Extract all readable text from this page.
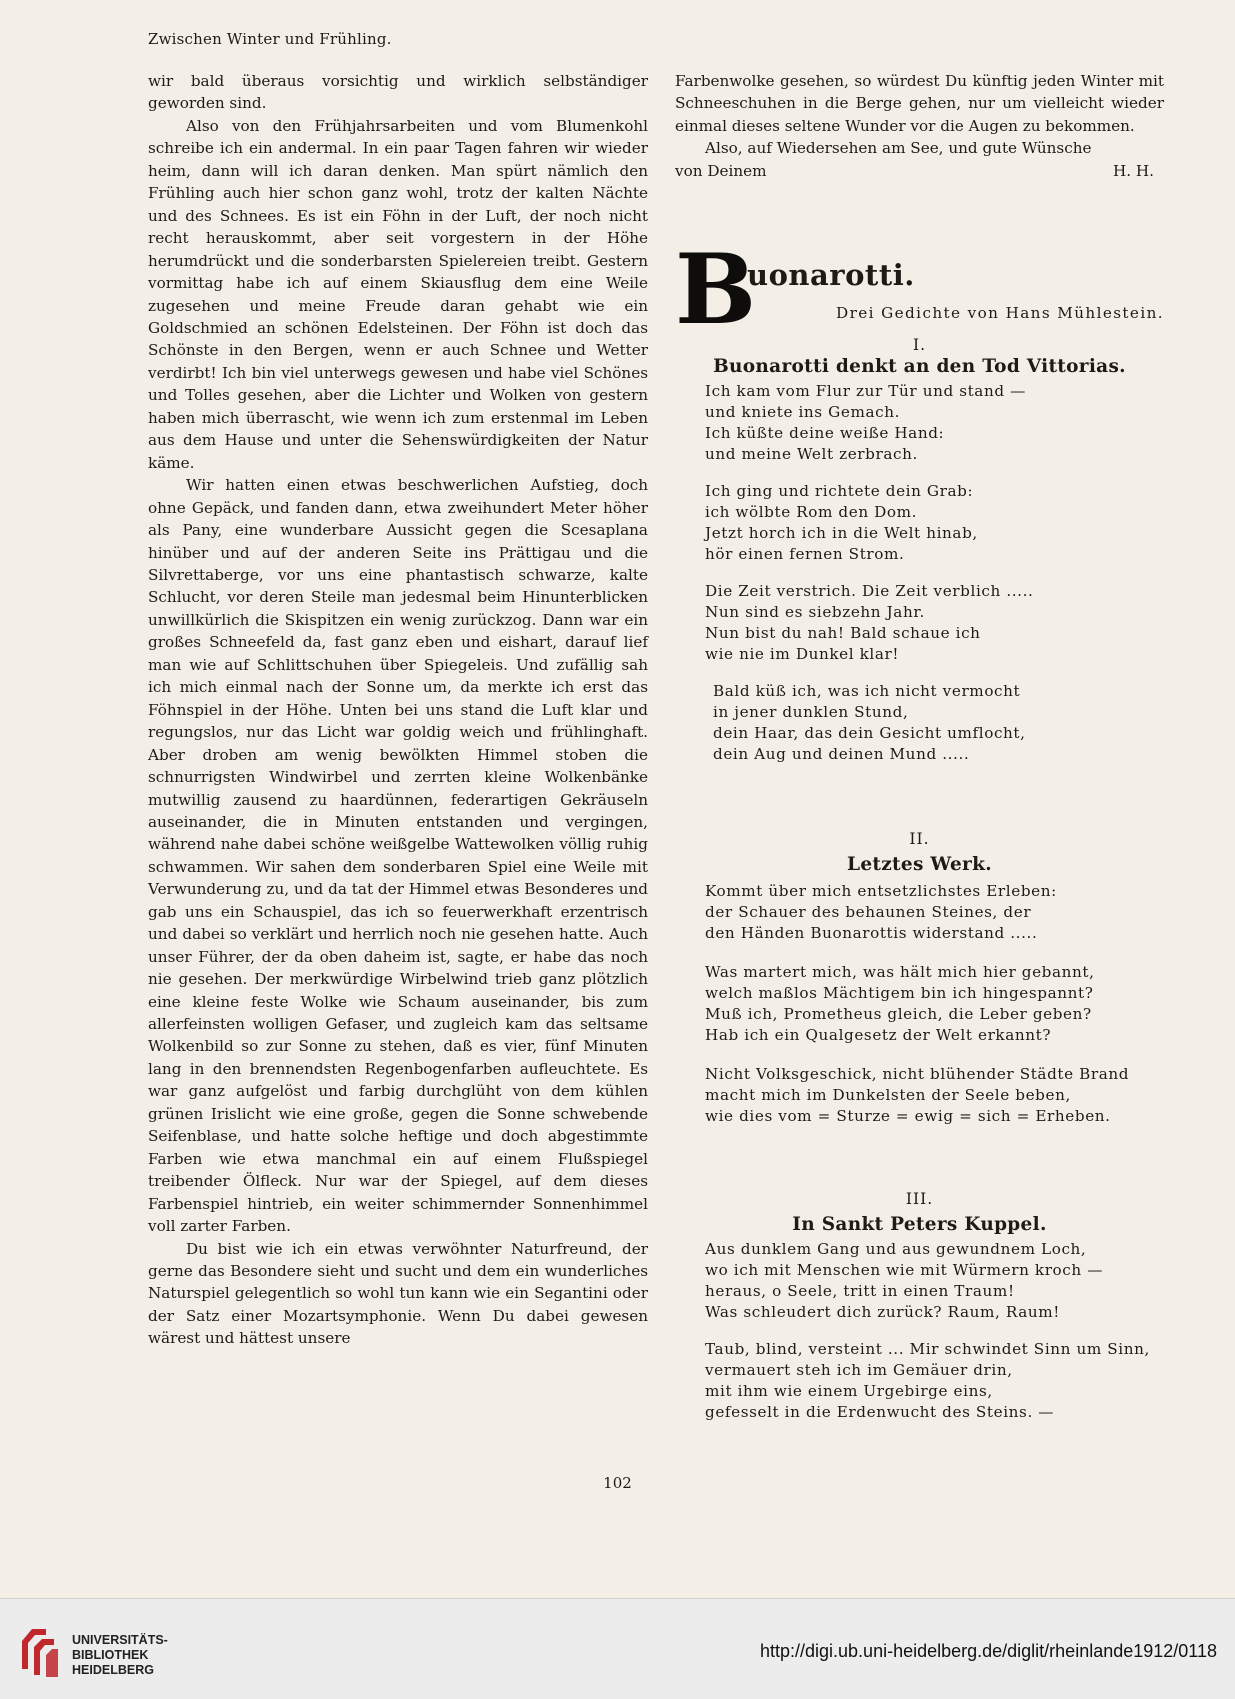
Zwischen Winter und Frühling.

wir bald überaus vorsichtig und wirklich selbständiger geworden sind.

Also von den Frühjahrsarbeiten und vom Blumenkohl schreibe ich ein andermal. In ein paar Tagen fahren wir wieder heim, dann will ich daran denken. Man spürt nämlich den Frühling auch hier schon ganz wohl, trotz der kalten Nächte und des Schnees. Es ist ein Föhn in der Luft, der noch nicht recht herauskommt, aber seit vorgestern in der Höhe herumdrückt und die sonderbarsten Spielereien treibt. Gestern vormittag habe ich auf einem Skiausflug dem eine Weile zugesehen und meine Freude daran gehabt wie ein Goldschmied an schönen Edelsteinen. Der Föhn ist doch das Schönste in den Bergen, wenn er auch Schnee und Wetter verdirbt! Ich bin viel unterwegs gewesen und habe viel Schönes und Tolles gesehen, aber die Lichter und Wolken von gestern haben mich überrascht, wie wenn ich zum erstenmal im Leben aus dem Hause und unter die Sehenswürdigkeiten der Natur käme.

Wir hatten einen etwas beschwerlichen Aufstieg, doch ohne Gepäck, und fanden dann, etwa zweihundert Meter höher als Pany, eine wunderbare Aussicht gegen die Scesaplana hinüber und auf der anderen Seite ins Prättigau und die Silvrettaberge, vor uns eine phantastisch schwarze, kalte Schlucht, vor deren Steile man jedesmal beim Hinunterblicken unwillkürlich die Skispitzen ein wenig zurückzog. Dann war ein großes Schneefeld da, fast ganz eben und eishart, darauf lief man wie auf Schlittschuhen über Spiegeleis. Und zufällig sah ich mich einmal nach der Sonne um, da merkte ich erst das Föhnspiel in der Höhe. Unten bei uns stand die Luft klar und regungslos, nur das Licht war goldig weich und frühlinghaft. Aber droben am wenig bewölkten Himmel stoben die schnurrigsten Windwirbel und zerrten kleine Wolkenbänke mutwillig zausend zu haardünnen, federartigen Gekräuseln auseinander, die in Minuten entstanden und vergingen, während nahe dabei schöne weißgelbe Wattewolken völlig ruhig schwammen. Wir sahen dem sonderbaren Spiel eine Weile mit Verwunderung zu, und da tat der Himmel etwas Besonderes und gab uns ein Schauspiel, das ich so feuerwerkhaft erzentrisch und dabei so verklärt und herrlich noch nie gesehen hatte. Auch unser Führer, der da oben daheim ist, sagte, er habe das noch nie gesehen. Der merkwürdige Wirbelwind trieb ganz plötzlich eine kleine feste Wolke wie Schaum auseinander, bis zum allerfeinsten wolligen Gefaser, und zugleich kam das seltsame Wolkenbild so zur Sonne zu stehen, daß es vier, fünf Minuten lang in den brennendsten Regenbogenfarben aufleuchtete. Es war ganz aufgelöst und farbig durchglüht von dem kühlen grünen Irislicht wie eine große, gegen die Sonne schwebende Seifenblase, und hatte solche heftige und doch abgestimmte Farben wie etwa manchmal ein auf einem Flußspiegel treibender Ölfleck. Nur war der Spiegel, auf dem dieses Farbenspiel hintrieb, ein weiter schimmernder Sonnenhimmel voll zarter Farben.

Du bist wie ich ein etwas verwöhnter Naturfreund, der gerne das Besondere sieht und sucht und dem ein wunderliches Naturspiel gelegentlich so wohl tun kann wie ein Segantini oder der Satz einer Mozartsymphonie. Wenn Du dabei gewesen wärest und hättest unsere

Farbenwolke gesehen, so würdest Du künftig jeden Winter mit Schneeschuhen in die Berge gehen, nur um vielleicht wieder einmal dieses seltene Wunder vor die Augen zu bekommen.

Also, auf Wiedersehen am See, und gute Wünsche

von Deinem	H. H.
B
uonarotti.
Drei Gedichte von Hans Mühlestein.

I.

Buonarotti denkt an den Tod Vittorias.

Ich kam vom Flur zur Tür und stand —
und kniete ins Gemach.
Ich küßte deine weiße Hand:
und meine Welt zerbrach.
Ich ging und richtete dein Grab:
ich wölbte Rom den Dom.
Jetzt horch ich in die Welt hinab,
hör einen fernen Strom.
Die Zeit verstrich. Die Zeit verblich .....
Nun sind es siebzehn Jahr.
Nun bist du nah! Bald schaue ich
wie nie im Dunkel klar!
Bald küß ich, was ich nicht vermocht
in jener dunklen Stund,
dein Haar, das dein Gesicht umflocht,
dein Aug und deinen Mund .....

II.

Letztes Werk.

Kommt über mich entsetzlichstes Erleben:
der Schauer des behaunen Steines, der
den Händen Buonarottis widerstand .....
Was martert mich, was hält mich hier gebannt,
welch maßlos Mächtigem bin ich hingespannt?
Muß ich, Prometheus gleich, die Leber geben?
Hab ich ein Qualgesetz der Welt erkannt?
Nicht Volksgeschick, nicht blühender Städte Brand
macht mich im Dunkelsten der Seele beben,
wie dies vom = Sturze = ewig = sich = Erheben.

III.

In Sankt Peters Kuppel.

Aus dunklem Gang und aus gewundnem Loch,
wo ich mit Menschen wie mit Würmern kroch —
heraus, o Seele, tritt in einen Traum!
Was schleudert dich zurück? Raum, Raum!
Taub, blind, versteint ... Mir schwindet Sinn um Sinn,
vermauert steh ich im Gemäuer drin,
mit ihm wie einem Urgebirge eins,
gefesselt in die Erdenwucht des Steins. —
102
UNIVERSITÄTS-
BIBLIOTHEK
HEIDELBERG
http://digi.ub.uni-heidelberg.de/diglit/rheinlande1912/0118
